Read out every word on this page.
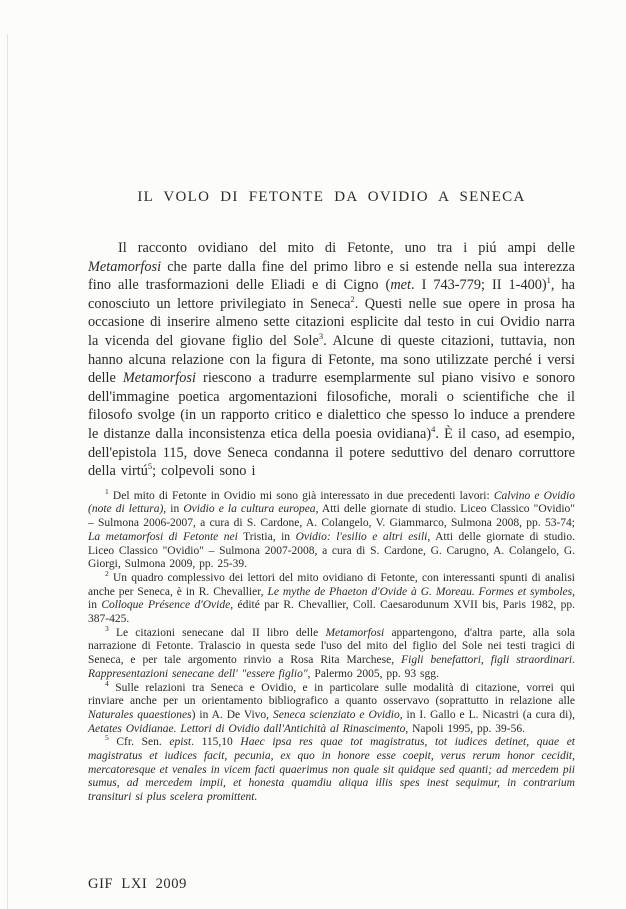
IL VOLO DI FETONTE DA OVIDIO A SENECA

Il racconto ovidiano del mito di Fetonte, uno tra i piú ampi delle Metamorfosi che parte dalla fine del primo libro e si estende nella sua interezza fino alle trasformazioni delle Eliadi e di Cigno (met. I 743-779; II 1-400)$^1$, ha conosciuto un lettore privilegiato in Seneca$^2$. Questi nelle sue opere in prosa ha occasione di inserire almeno sette citazioni esplicite dal testo in cui Ovidio narra la vicenda del giovane figlio del Sole$^3$. Alcune di queste citazioni, tuttavia, non hanno alcuna relazione con la figura di Fetonte, ma sono utilizzate perché i versi delle Metamorfosi riescono a tradurre esemplarmente sul piano visivo e sonoro dell'immagine poetica argomentazioni filosofiche, morali o scientifiche che il filosofo svolge (in un rapporto critico e dialettico che spesso lo induce a prendere le distanze dalla inconsistenza etica della poesia ovidiana)$^4$. È il caso, ad esempio, dell'epistola 115, dove Seneca condanna il potere seduttivo del denaro corruttore della virtú$^5$; colpevoli sono i

$^1$ Del mito di Fetonte in Ovidio mi sono già interessato in due precedenti lavori: Calvino e Ovidio (note di lettura), in Ovidio e la cultura europea, Atti delle giornate di studio. Liceo Classico "Ovidio" – Sulmona 2006-2007, a cura di S. Cardone, A. Colangelo, V. Giammarco, Sulmona 2008, pp. 53-74; La metamorfosi di Fetonte nei Tristia, in Ovidio: l'esilio e altri esili, Atti delle giornate di studio. Liceo Classico "Ovidio" – Sulmona 2007-2008, a cura di S. Cardone, G. Carugno, A. Colangelo, G. Giorgi, Sulmona 2009, pp. 25-39.

$^2$ Un quadro complessivo dei lettori del mito ovidiano di Fetonte, con interessanti spunti di analisi anche per Seneca, è in R. Chevallier, Le mythe de Phaeton d'Ovide à G. Moreau. Formes et symboles, in Colloque Présence d'Ovide, édité par R. Chevallier, Coll. Caesarodunum XVII bis, Paris 1982, pp. 387-425.

$^3$ Le citazioni senecane dal II libro delle Metamorfosi appartengono, d'altra parte, alla sola narrazione di Fetonte. Tralascio in questa sede l'uso del mito del figlio del Sole nei testi tragici di Seneca, e per tale argomento rinvio a Rosa Rita Marchese, Figli benefattori, figli straordinari. Rappresentazioni senecane dell' "essere figlio", Palermo 2005, pp. 93 sgg.

$^4$ Sulle relazioni tra Seneca e Ovidio, e in particolare sulle modalità di citazione, vorrei qui rinviare anche per un orientamento bibliografico a quanto osservavo (soprattutto in relazione alle Naturales quaestiones) in A. De Vivo, Seneca scienziato e Ovidio, in I. Gallo e L. Nicastri (a cura di), Aetates Ovidianae. Lettori di Ovidio dall'Antichità al Rinascimento, Napoli 1995, pp. 39-56.

$^5$ Cfr. Sen. epist. 115,10 Haec ipsa res quae tot magistratus, tot iudices detinet, quae et magistratus et iudices facit, pecunia, ex quo in honore esse coepit, verus rerum honor cecidit, mercatoresque et venales in vicem facti quaerimus non quale sit quidque sed quanti; ad mercedem pii sumus, ad mercedem impii, et honesta quamdiu aliqua illis spes inest sequimur, in contrarium transituri si plus scelera promittent.

GIF LXI 2009
